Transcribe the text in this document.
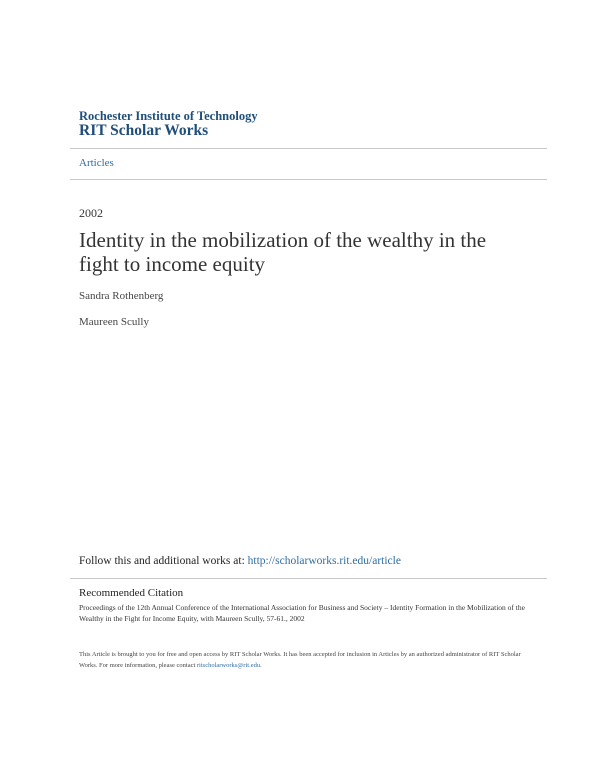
Rochester Institute of Technology
RIT Scholar Works
Articles
2002
Identity in the mobilization of the wealthy in the fight to income equity
Sandra Rothenberg
Maureen Scully
Follow this and additional works at: http://scholarworks.rit.edu/article
Recommended Citation
Proceedings of the 12th Annual Conference of the International Association for Business and Society – Identity Formation in the Mobilization of the Wealthy in the Fight for Income Equity, with Maureen Scully, 57-61., 2002
This Article is brought to you for free and open access by RIT Scholar Works. It has been accepted for inclusion in Articles by an authorized administrator of RIT Scholar Works. For more information, please contact ritscholarworks@rit.edu.
